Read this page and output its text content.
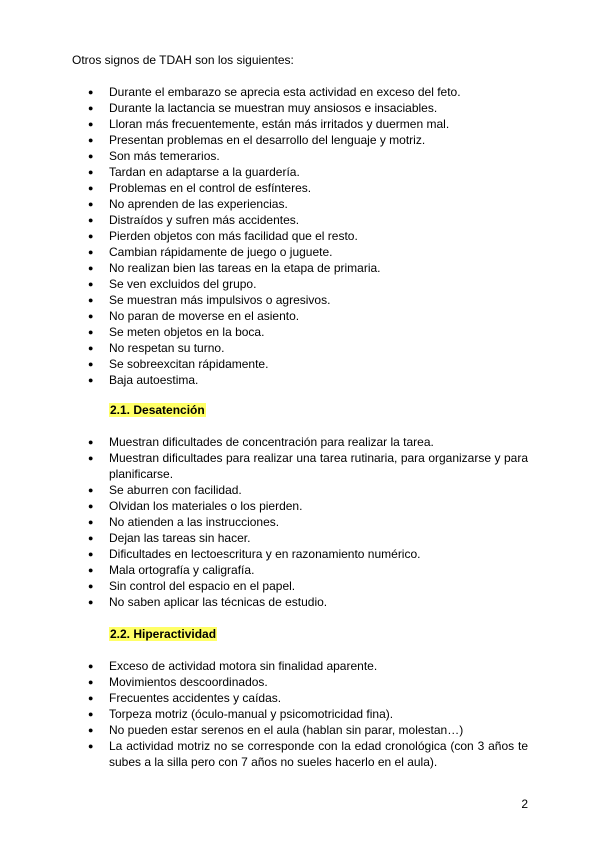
Otros signos de TDAH son los siguientes:

● Durante el embarazo se aprecia esta actividad en exceso del feto.
● Durante la lactancia se muestran muy ansiosos e insaciables.
● Lloran más frecuentemente, están más irritados y duermen mal.
● Presentan problemas en el desarrollo del lenguaje y motriz.
● Son más temerarios.
● Tardan en adaptarse a la guardería.
● Problemas en el control de esfínteres.
● No aprenden de las experiencias.
● Distraídos y sufren más accidentes.
● Pierden objetos con más facilidad que el resto.
● Cambian rápidamente de juego o juguete.
● No realizan bien las tareas en la etapa de primaria.
● Se ven excluidos del grupo.
● Se muestran más impulsivos o agresivos.
● No paran de moverse en el asiento.
● Se meten objetos en la boca.
● No respetan su turno.
● Se sobreexcitan rápidamente.
● Baja autoestima.

2.1. Desatención

● Muestran dificultades de concentración para realizar la tarea.
● Muestran dificultades para realizar una tarea rutinaria, para organizarse y para planificarse.
● Se aburren con facilidad.
● Olvidan los materiales o los pierden.
● No atienden a las instrucciones.
● Dejan las tareas sin hacer.
● Dificultades en lectoescritura y en razonamiento numérico.
● Mala ortografía y caligrafía.
● Sin control del espacio en el papel.
● No saben aplicar las técnicas de estudio.

2.2. Hiperactividad

● Exceso de actividad motora sin finalidad aparente.
● Movimientos descoordinados.
● Frecuentes accidentes y caídas.
● Torpeza motriz (óculo-manual y psicomotricidad fina).
● No pueden estar serenos en el aula (hablan sin parar, molestan…)
● La actividad motriz no se corresponde con la edad cronológica (con 3 años te subes a la silla pero con 7 años no sueles hacerlo en el aula).
2
